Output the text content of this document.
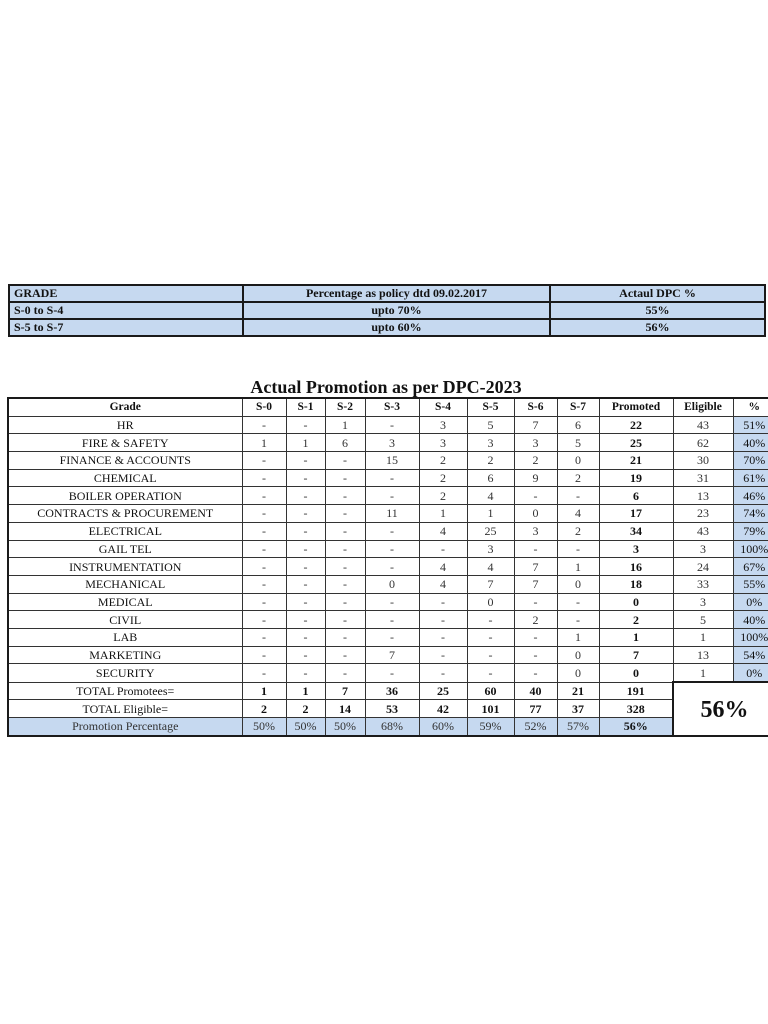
GRADE	Percentage as policy dtd 09.02.2017	Actaul DPC %
S-0 to S-4	upto 70%	55%
S-5 to S-7	upto 60%	56%
Actual Promotion as per DPC-2023
Grade	S-0	S-1	S-2	S-3	S-4	S-5	S-6	S-7	Promoted	Eligible	%
HR	-	-	1	-	3	5	7	6	22	43	51%
FIRE & SAFETY	1	1	6	3	3	3	3	5	25	62	40%
FINANCE & ACCOUNTS	-	-	-	15	2	2	2	0	21	30	70%
CHEMICAL	-	-	-	-	2	6	9	2	19	31	61%
BOILER OPERATION	-	-	-	-	2	4	-	-	6	13	46%
CONTRACTS & PROCUREMENT	-	-	-	11	1	1	0	4	17	23	74%
ELECTRICAL	-	-	-	-	4	25	3	2	34	43	79%
GAIL TEL	-	-	-	-	-	3	-	-	3	3	100%
INSTRUMENTATION	-	-	-	-	4	4	7	1	16	24	67%
MECHANICAL	-	-	-	0	4	7	7	0	18	33	55%
MEDICAL	-	-	-	-	-	0	-	-	0	3	0%
CIVIL	-	-	-	-	-	-	2	-	2	5	40%
LAB	-	-	-	-	-	-	-	1	1	1	100%
MARKETING	-	-	-	7	-	-	-	0	7	13	54%
SECURITY	-	-	-	-	-	-	-	0	0	1	0%
TOTAL Promotees=	1	1	7	36	25	60	40	21	191	56%	
TOTAL Eligible=	2	2	14	53	42	101	77	37	328		
Promotion Percentage	50%	50%	50%	68%	60%	59%	52%	57%	56%		
